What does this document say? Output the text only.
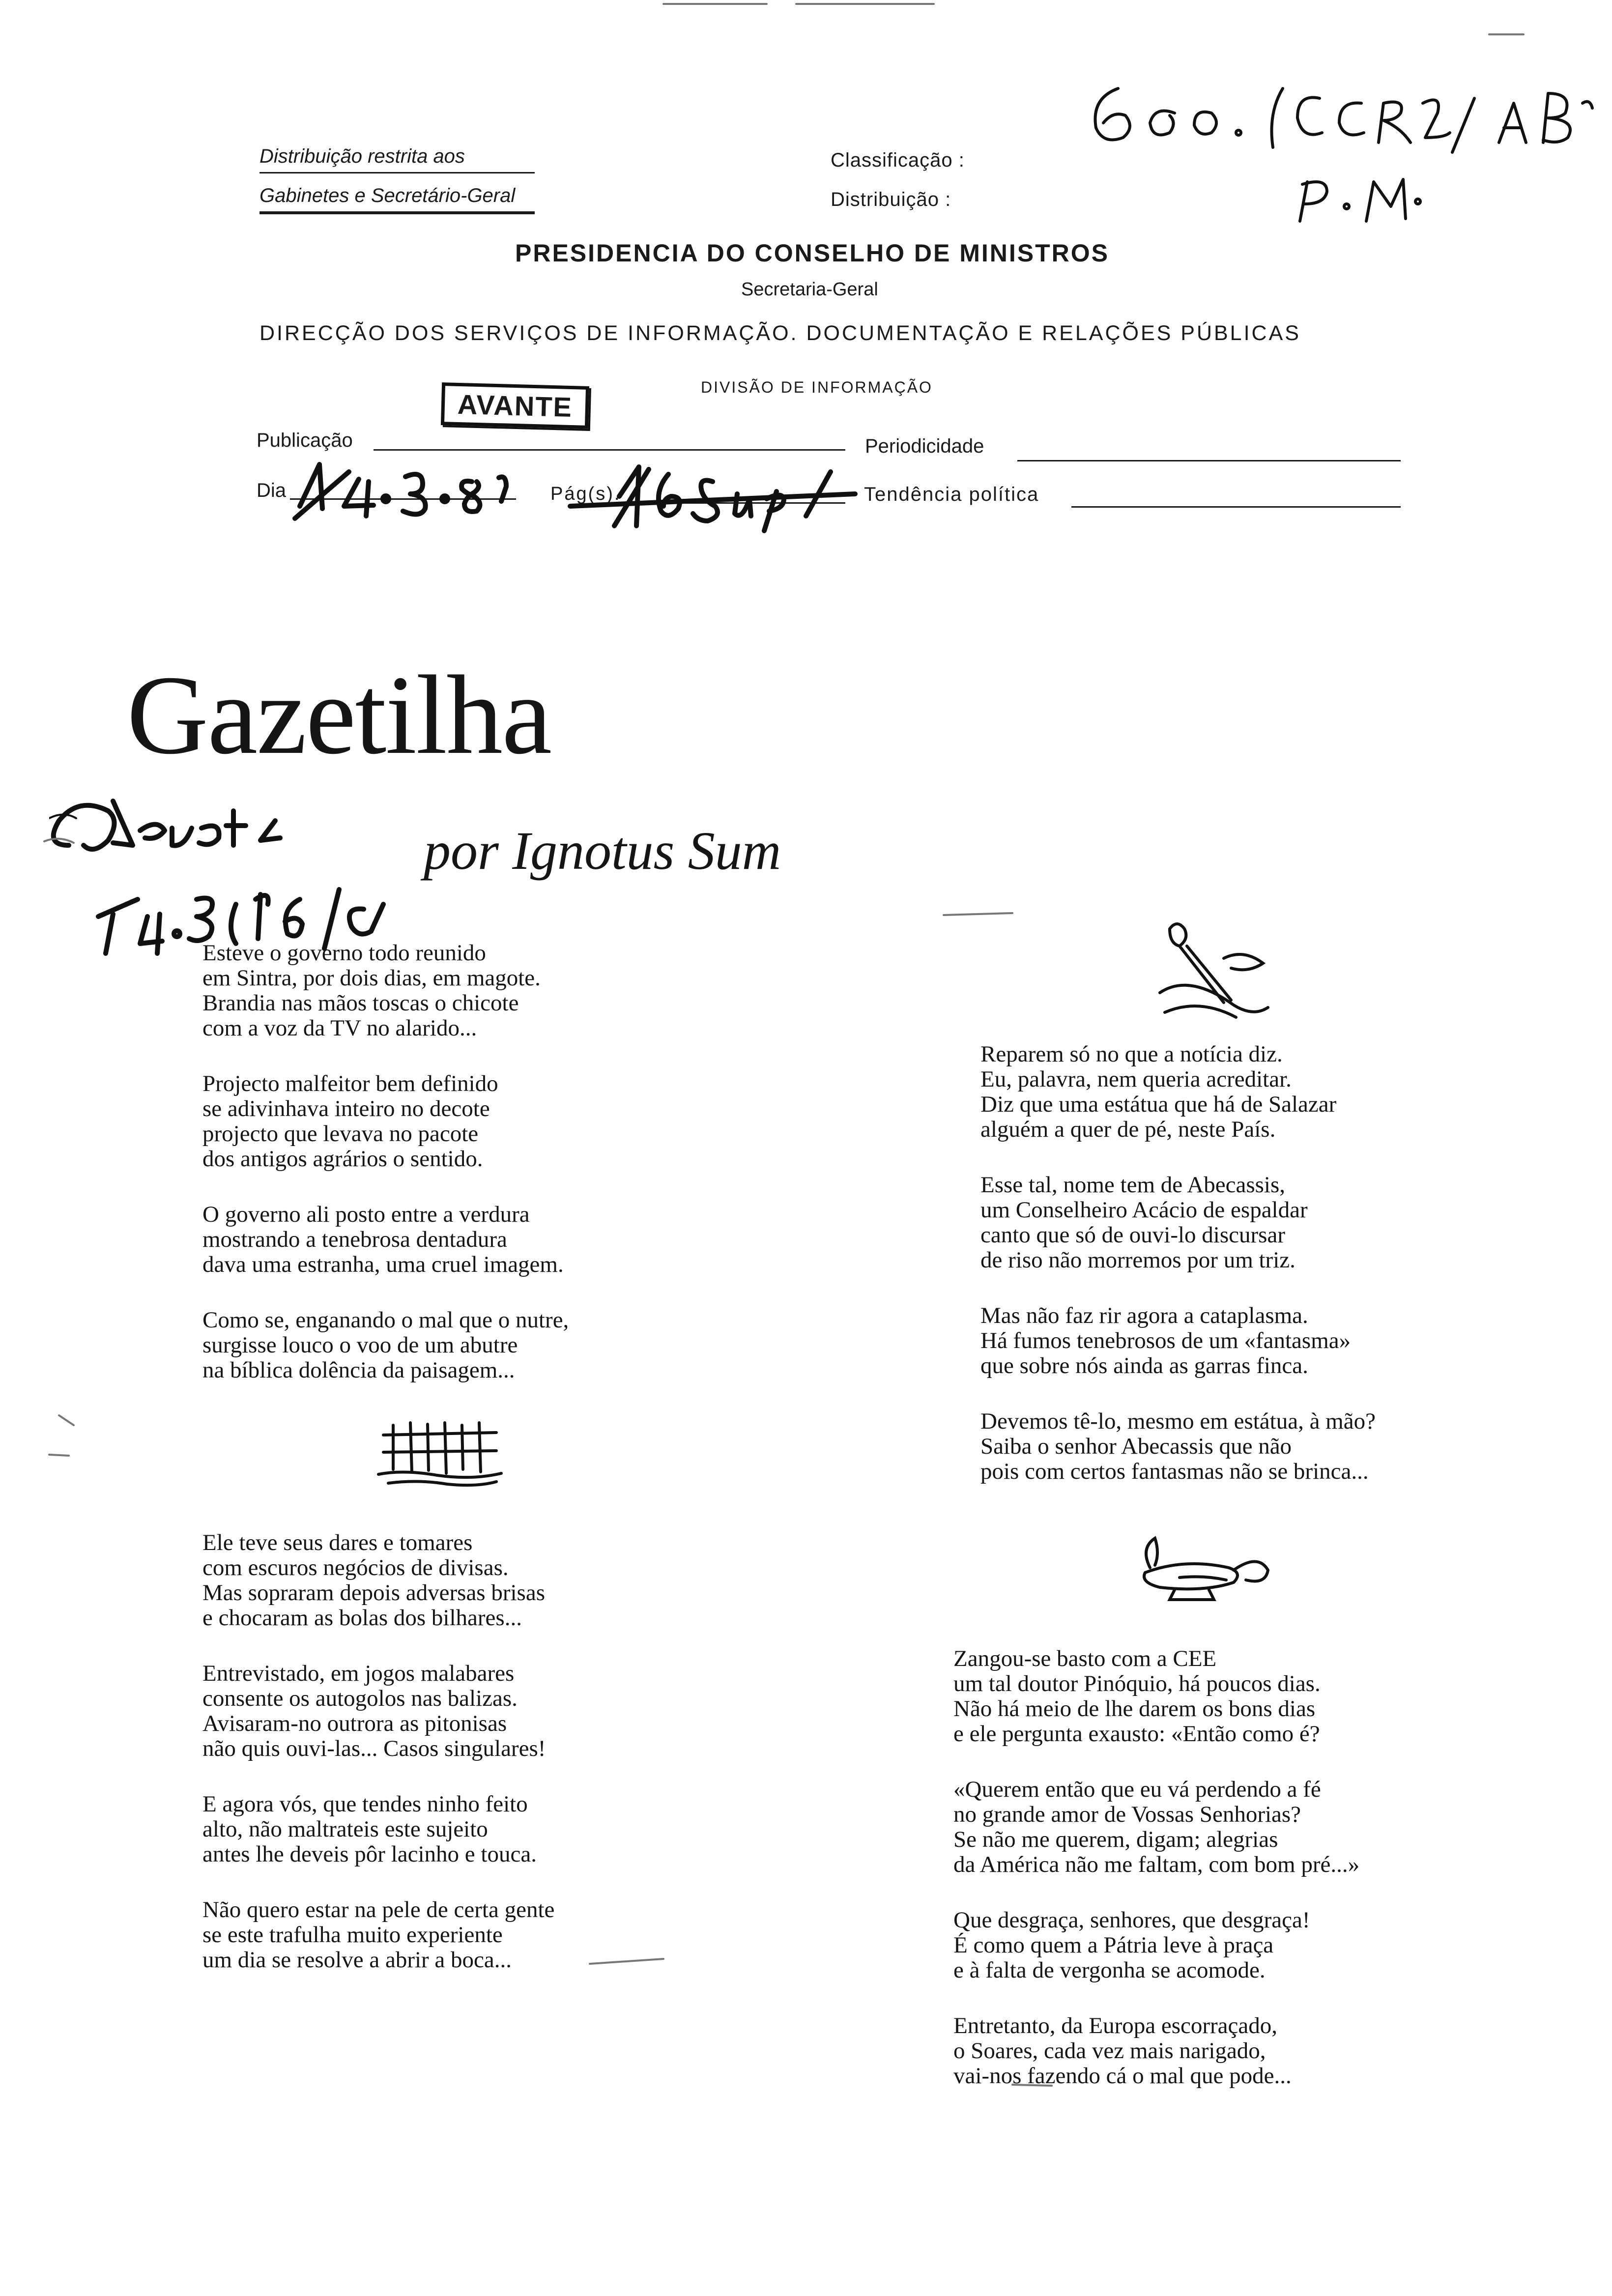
Distribuição restrita aos
Gabinetes e Secretário-Geral
Classificação :
Distribuição :
PRESIDENCIA DO CONSELHO DE MINISTROS
Secretaria-Geral
DIRECÇÃO DOS SERVIÇOS DE INFORMAÇÃO. DOCUMENTAÇÃO E RELAÇÕES PÚBLICAS
DIVISÃO DE INFORMAÇÃO
AVANTE
Publicação	Periodicidade
Dia	Pág(s).	Tendência política
Gazetilha
por Ignotus Sum
Esteve o governo todo reunido
em Sintra, por dois dias, em magote.
Brandia nas mãos toscas o chicote
com a voz da TV no alarido...
Projecto malfeitor bem definido
se adivinhava inteiro no decote
projecto que levava no pacote
dos antigos agrários o sentido.
O governo ali posto entre a verdura
mostrando a tenebrosa dentadura
dava uma estranha, uma cruel imagem.
Como se, enganando o mal que o nutre,
surgisse louco o voo de um abutre
na bíblica dolência da paisagem...
Ele teve seus dares e tomares
com escuros negócios de divisas.
Mas sopraram depois adversas brisas
e chocaram as bolas dos bilhares...
Entrevistado, em jogos malabares
consente os autogolos nas balizas.
Avisaram-no outrora as pitonisas
não quis ouvi-las... Casos singulares!
E agora vós, que tendes ninho feito
alto, não maltrateis este sujeito
antes lhe deveis pôr lacinho e touca.
Não quero estar na pele de certa gente
se este trafulha muito experiente
um dia se resolve a abrir a boca...
Reparem só no que a notícia diz.
Eu, palavra, nem queria acreditar.
Diz que uma estátua que há de Salazar
alguém a quer de pé, neste País.
Esse tal, nome tem de Abecassis,
um Conselheiro Acácio de espaldar
canto que só de ouvi-lo discursar
de riso não morremos por um triz.
Mas não faz rir agora a cataplasma.
Há fumos tenebrosos de um «fantasma»
que sobre nós ainda as garras finca.
Devemos tê-lo, mesmo em estátua, à mão?
Saiba o senhor Abecassis que não
pois com certos fantasmas não se brinca...
Zangou-se basto com a CEE
um tal doutor Pinóquio, há poucos dias.
Não há meio de lhe darem os bons dias
e ele pergunta exausto: «Então como é?
«Querem então que eu vá perdendo a fé
no grande amor de Vossas Senhorias?
Se não me querem, digam; alegrias
da América não me faltam, com bom pré...»
Que desgraça, senhores, que desgraça!
É como quem a Pátria leve à praça
e à falta de vergonha se acomode.
Entretanto, da Europa escorraçado,
o Soares, cada vez mais narigado,
vai-nos fazendo cá o mal que pode...
